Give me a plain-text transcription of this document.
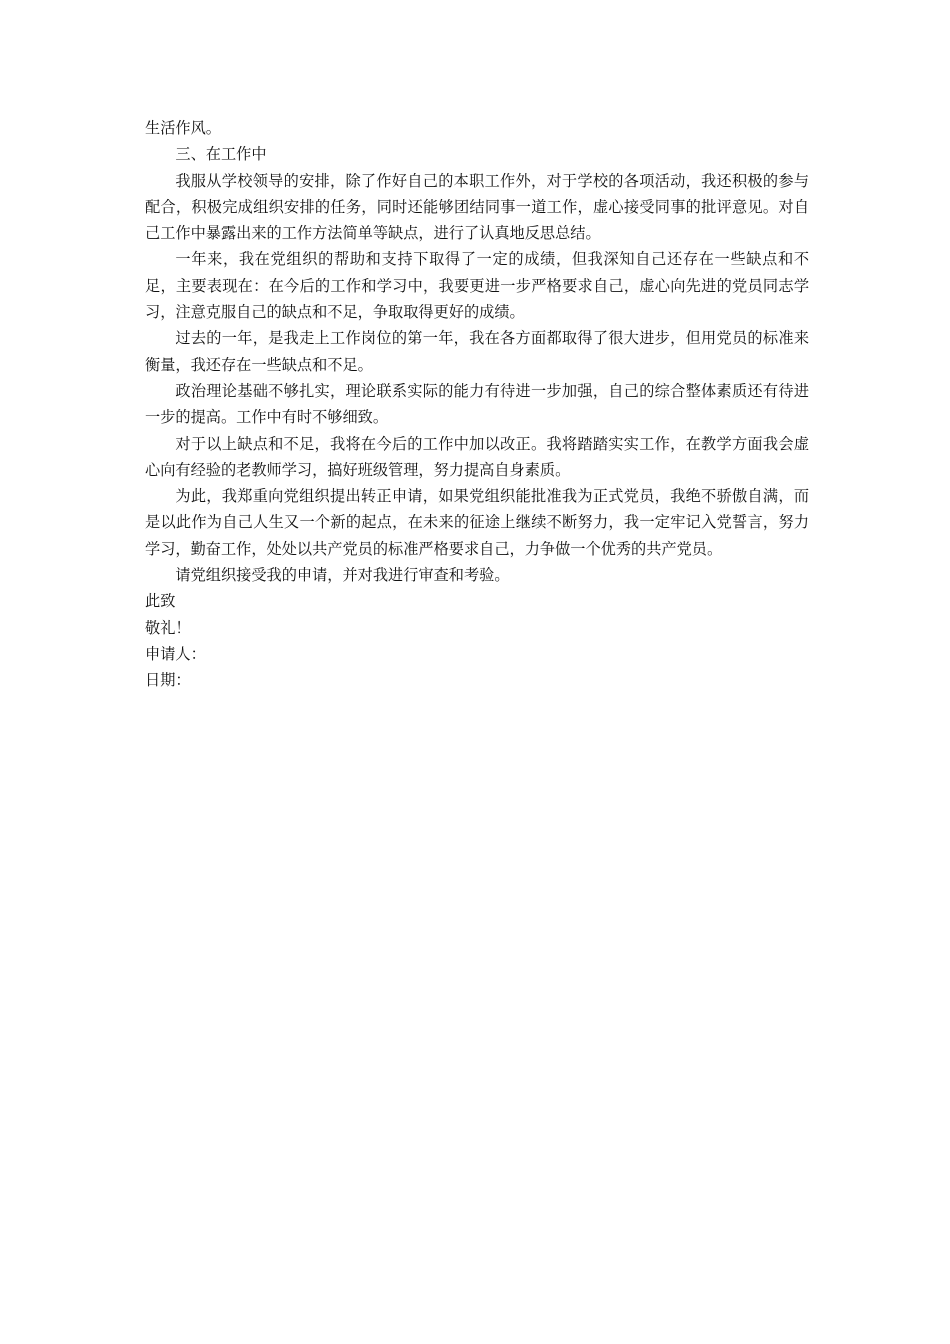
生活作风。

三、在工作中

我服从学校领导的安排，除了作好自己的本职工作外，对于学校的各项活动，我还积极的参与配合，积极完成组织安排的任务，同时还能够团结同事一道工作，虚心接受同事的批评意见。对自己工作中暴露出来的工作方法简单等缺点，进行了认真地反思总结。

一年来，我在党组织的帮助和支持下取得了一定的成绩，但我深知自己还存在一些缺点和不足，主要表现在：在今后的工作和学习中，我要更进一步严格要求自己，虚心向先进的党员同志学习，注意克服自己的缺点和不足，争取取得更好的成绩。

过去的一年，是我走上工作岗位的第一年，我在各方面都取得了很大进步，但用党员的标准来衡量，我还存在一些缺点和不足。

政治理论基础不够扎实，理论联系实际的能力有待进一步加强，自己的综合整体素质还有待进一步的提高。工作中有时不够细致。

对于以上缺点和不足，我将在今后的工作中加以改正。我将踏踏实实工作，在教学方面我会虚心向有经验的老教师学习，搞好班级管理，努力提高自身素质。

为此，我郑重向党组织提出转正申请，如果党组织能批准我为正式党员，我绝不骄傲自满，而是以此作为自己人生又一个新的起点，在未来的征途上继续不断努力，我一定牢记入党誓言，努力学习，勤奋工作，处处以共产党员的标准严格要求自己，力争做一个优秀的共产党员。

请党组织接受我的申请，并对我进行审查和考验。

此致

敬礼！

申请人：

日期：
